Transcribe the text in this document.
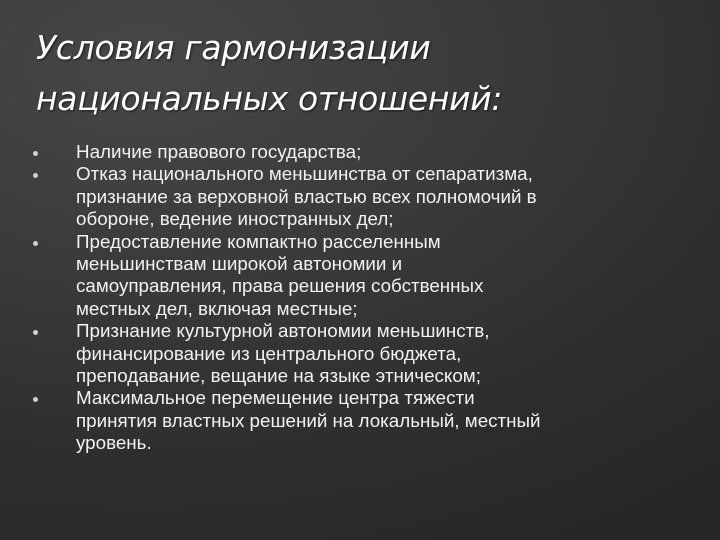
Условия гармонизации
национальных отношений:
Наличие правового государства;
Отказ национального меньшинства от сепаратизма,
признание за верховной властью всех полномочий в
обороне, ведение иностранных дел;
Предоставление компактно расселенным
меньшинствам широкой автономии и
самоуправления, права решения собственных
местных дел, включая местные;
Признание культурной автономии меньшинств,
финансирование из центрального бюджета,
преподавание, вещание на языке этническом;
Максимальное перемещение центра тяжести
принятия властных решений на локальный, местный
уровень.
